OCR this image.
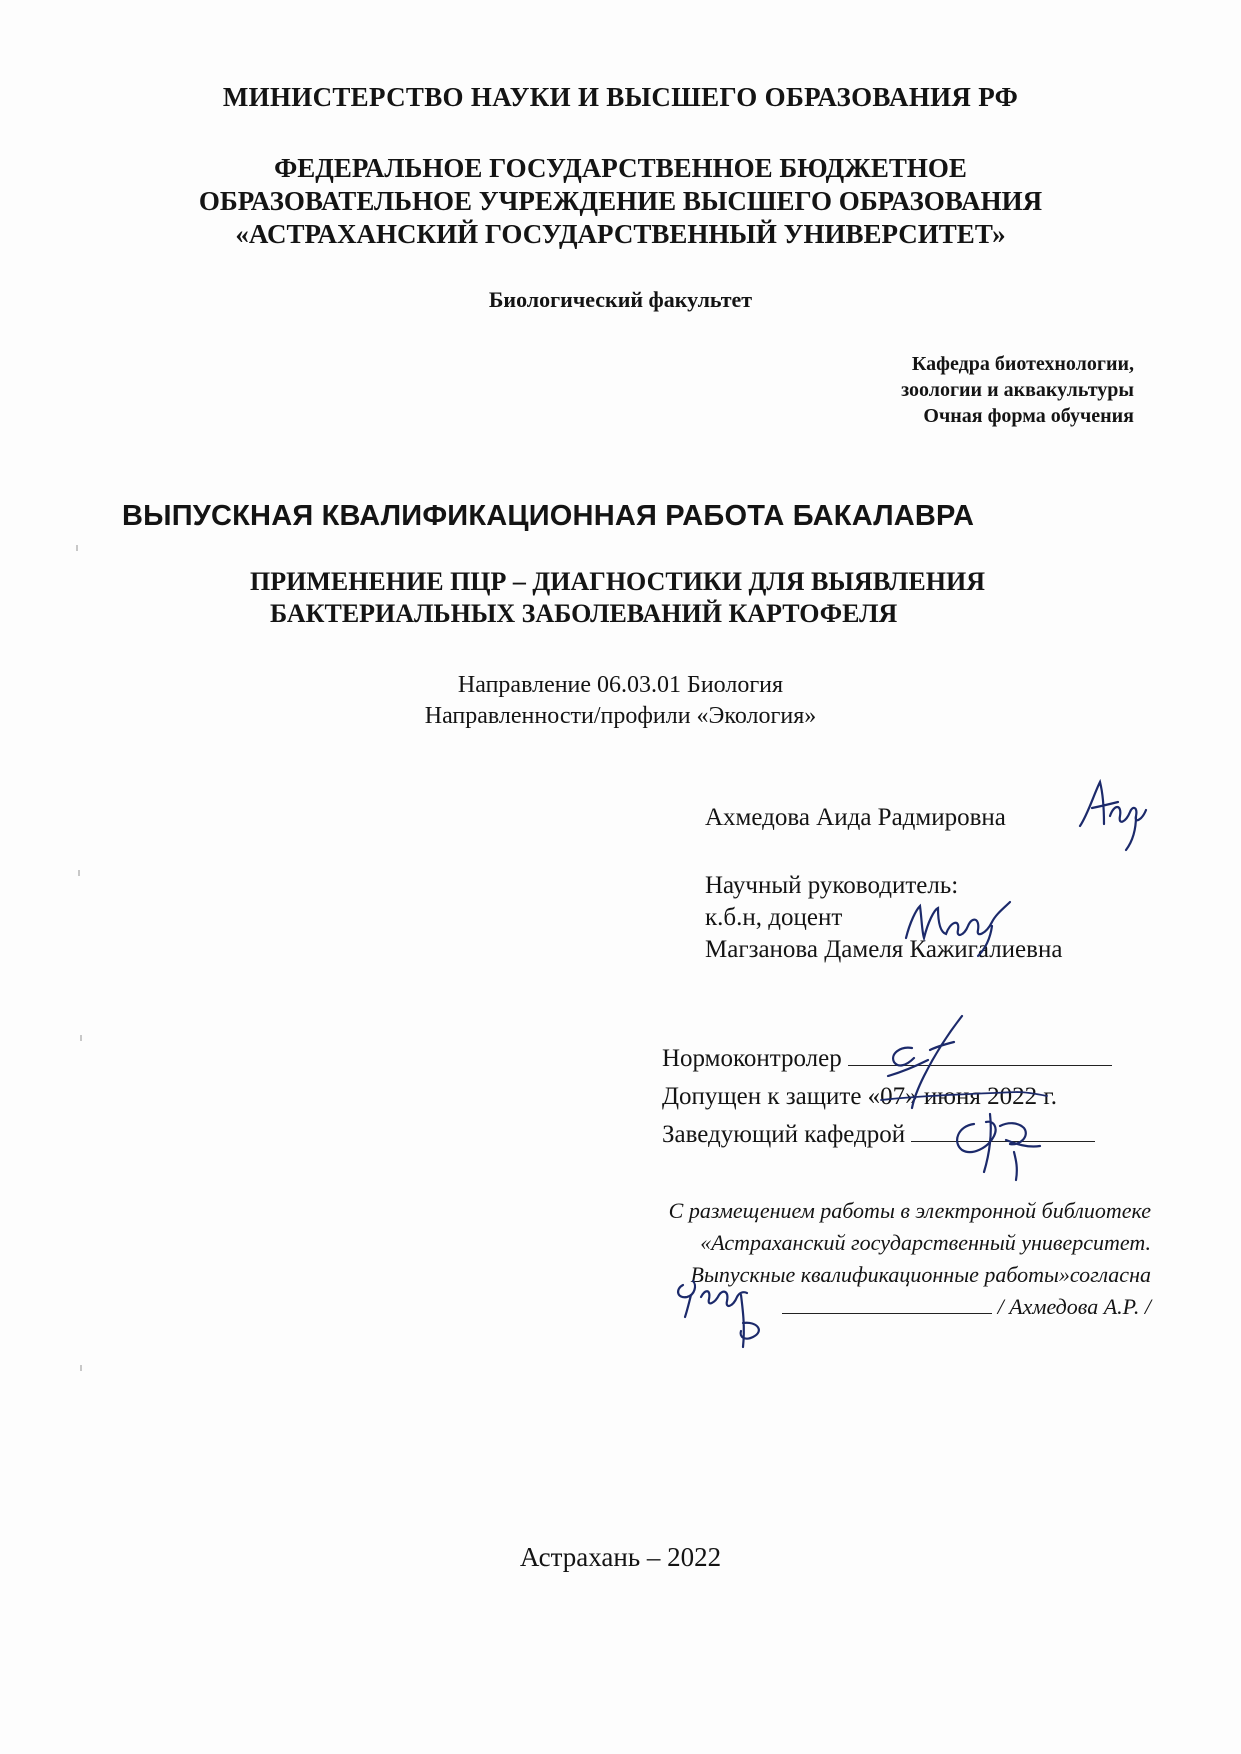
МИНИСТЕРСТВО НАУКИ И ВЫСШЕГО ОБРАЗОВАНИЯ РФ
ФЕДЕРАЛЬНОЕ ГОСУДАРСТВЕННОЕ БЮДЖЕТНОЕ
ОБРАЗОВАТЕЛЬНОЕ УЧРЕЖДЕНИЕ ВЫСШЕГО ОБРАЗОВАНИЯ
«АСТРАХАНСКИЙ ГОСУДАРСТВЕННЫЙ УНИВЕРСИТЕТ»
Биологический факультет
Кафедра биотехнологии,
зоологии и аквакультуры
Очная форма обучения
ВЫПУСКНАЯ КВАЛИФИКАЦИОННАЯ РАБОТА БАКАЛАВРА
ПРИМЕНЕНИЕ ПЦР – ДИАГНОСТИКИ ДЛЯ ВЫЯВЛЕНИЯ
БАКТЕРИАЛЬНЫХ ЗАБОЛЕВАНИЙ КАРТОФЕЛЯ
Направление 06.03.01 Биология
Направленности/профили «Экология»
Ахмедова Аида Радмировна
Научный руководитель:
к.б.н, доцент
Магзанова Дамеля Кажигалиевна
Нормоконтролер
Допущен к защите «07» июня 2022 г.
Заведующий кафедрой
С размещением работы в электронной библиотеке
«Астраханский государственный университет.
Выпускные квалификационные работы»согласна
/ Ахмедова А.Р. /
Астрахань – 2022
